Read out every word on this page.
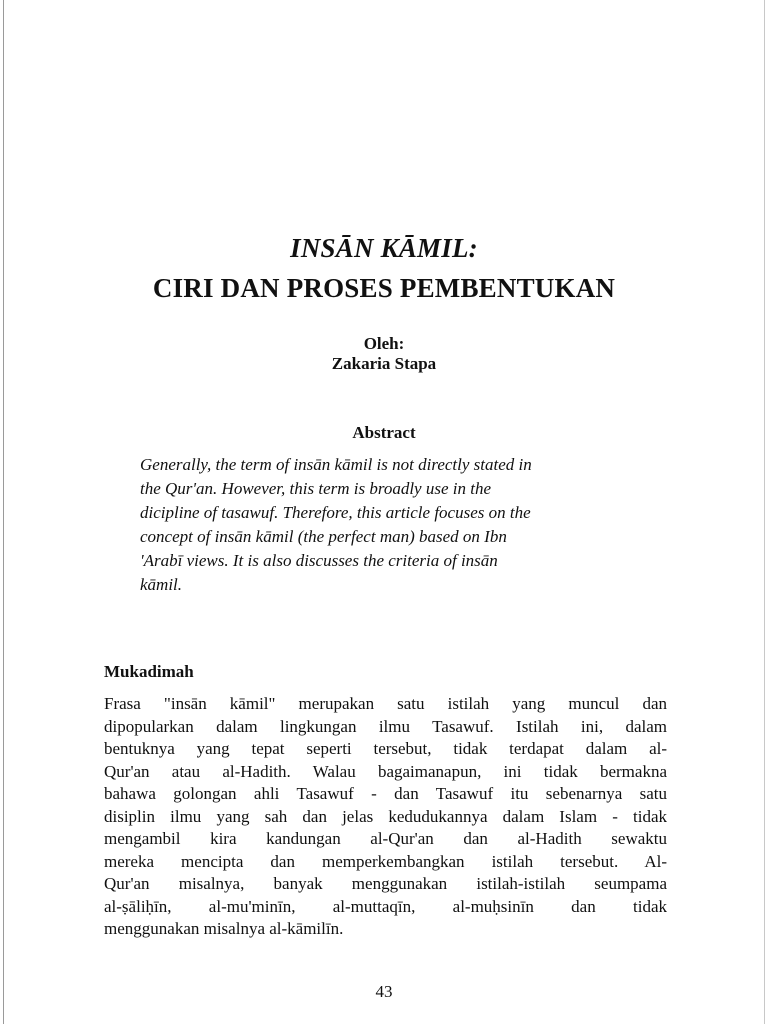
INSĀN KĀMIL:
CIRI DAN PROSES PEMBENTUKAN
Oleh:
Zakaria Stapa
Abstract
Generally, the term of insān kāmil is not directly stated in
the Qur'an. However, this term is broadly use in the
dicipline of tasawuf. Therefore, this article focuses on the
concept of insān kāmil (the perfect man) based on Ibn
'Arabī views. It is also discusses the criteria of insān
kāmil.
Mukadimah
Frasa "insān kāmil" merupakan satu istilah yang muncul dan
dipopularkan dalam lingkungan ilmu Tasawuf. Istilah ini, dalam
bentuknya yang tepat seperti tersebut, tidak terdapat dalam al-
Qur'an atau al-Hadith. Walau bagaimanapun, ini tidak bermakna
bahawa golongan ahli Tasawuf - dan Tasawuf itu sebenarnya satu
disiplin ilmu yang sah dan jelas kedudukannya dalam Islam - tidak
mengambil kira kandungan al-Qur'an dan al-Hadith sewaktu
mereka mencipta dan memperkembangkan istilah tersebut. Al-
Qur'an misalnya, banyak menggunakan istilah-istilah seumpama
al-ṣāliḥīn, al-mu'minīn, al-muttaqīn, al-muḥsinīn dan tidak
menggunakan misalnya al-kāmilīn.
43
